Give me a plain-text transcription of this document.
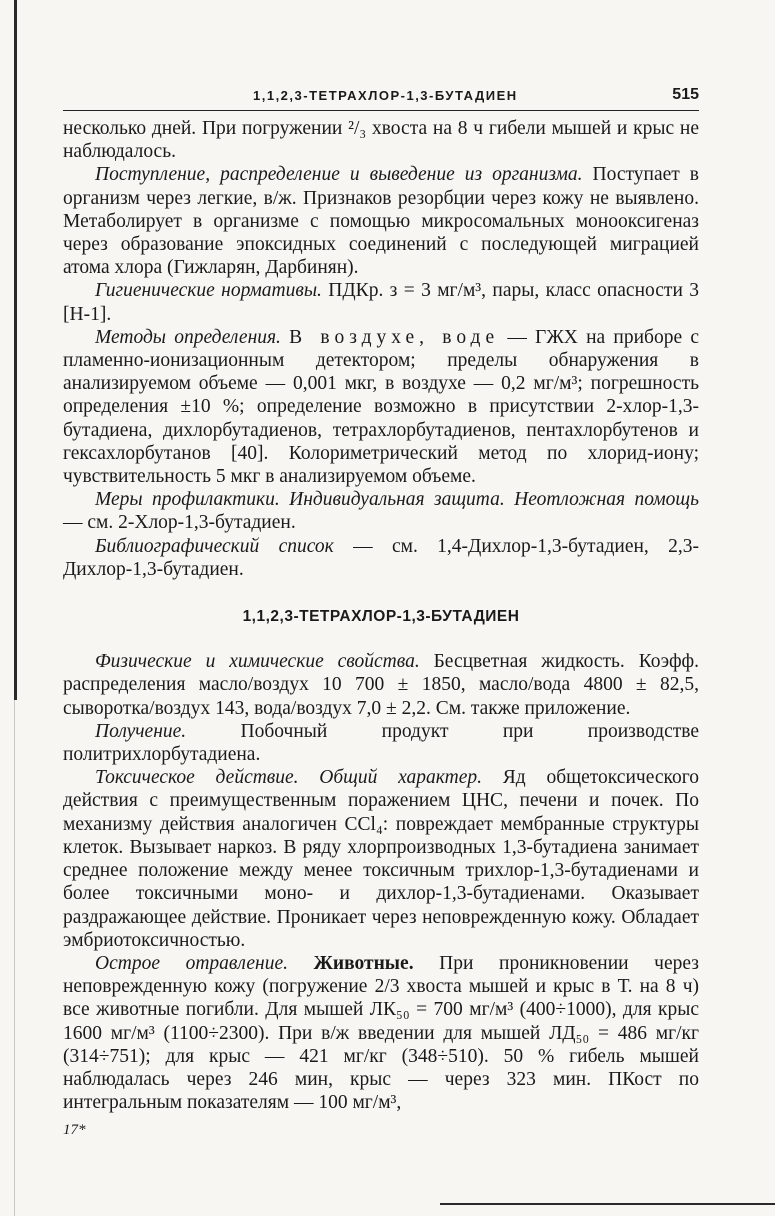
1,1,2,3-ТЕТРАХЛОР-1,3-БУТАДИЕН	515

несколько дней. При погружении ²/₃ хвоста на 8 ч гибели мышей и крыс не наблюдалось.

Поступление, распределение и выведение из организма. Поступает в организм через легкие, в/ж. Признаков резорбции через кожу не выявлено. Метаболирует в организме с помощью микросомальных монооксигеназ через образование эпоксидных соединений с последующей миграцией атома хлора (Гижларян, Дарбинян).

Гигиенические нормативы. ПДКр. з = 3 мг/м³, пары, класс опасности 3 [Н-1].

Методы определения. В воздухе, воде — ГЖХ на приборе с пламенно-ионизационным детектором; пределы обнаружения в анализируемом объеме — 0,001 мкг, в воздухе — 0,2 мг/м³; погрешность определения ±10 %; определение возможно в присутствии 2-хлор-1,3-бутадиена, дихлорбутадиенов, тетрахлорбутадиенов, пентахлорбутенов и гексахлорбутанов [40]. Колориметрический метод по хлорид-иону; чувствительность 5 мкг в анализируемом объеме.

Меры профилактики. Индивидуальная защита. Неотложная помощь — см. 2-Хлор-1,3-бутадиен.

Библиографический список — см. 1,4-Дихлор-1,3-бутадиен, 2,3-Дихлор-1,3-бутадиен.

1,1,2,3-ТЕТРАХЛОР-1,3-БУТАДИЕН

Физические и химические свойства. Бесцветная жидкость. Коэфф. распределения масло/воздух 10 700 ± 1850, масло/вода 4800 ± 82,5, сыворотка/воздух 143, вода/воздух 7,0 ± 2,2. См. также приложение.

Получение. Побочный продукт при производстве политрихлорбутадиена.

Токсическое действие. Общий характер. Яд общетоксического действия с преимущественным поражением ЦНС, печени и почек. По механизму действия аналогичен CCl₄: повреждает мембранные структуры клеток. Вызывает наркоз. В ряду хлорпроизводных 1,3-бутадиена занимает среднее положение между менее токсичным трихлор-1,3-бутадиенами и более токсичными моно- и дихлор-1,3-бутадиенами. Оказывает раздражающее действие. Проникает через неповрежденную кожу. Обладает эмбриотоксичностью.

Острое отравление. Животные. При проникновении через неповрежденную кожу (погружение 2/3 хвоста мышей и крыс в Т. на 8 ч) все животные погибли. Для мышей ЛК₅₀ = 700 мг/м³ (400÷1000), для крыс 1600 мг/м³ (1100÷2300). При в/ж введении для мышей ЛД₅₀ = 486 мг/кг (314÷751); для крыс — 421 мг/кг (348÷510). 50 % гибель мышей наблюдалась через 246 мин, крыс — через 323 мин. ПКост по интегральным показателям — 100 мг/м³,

17*
